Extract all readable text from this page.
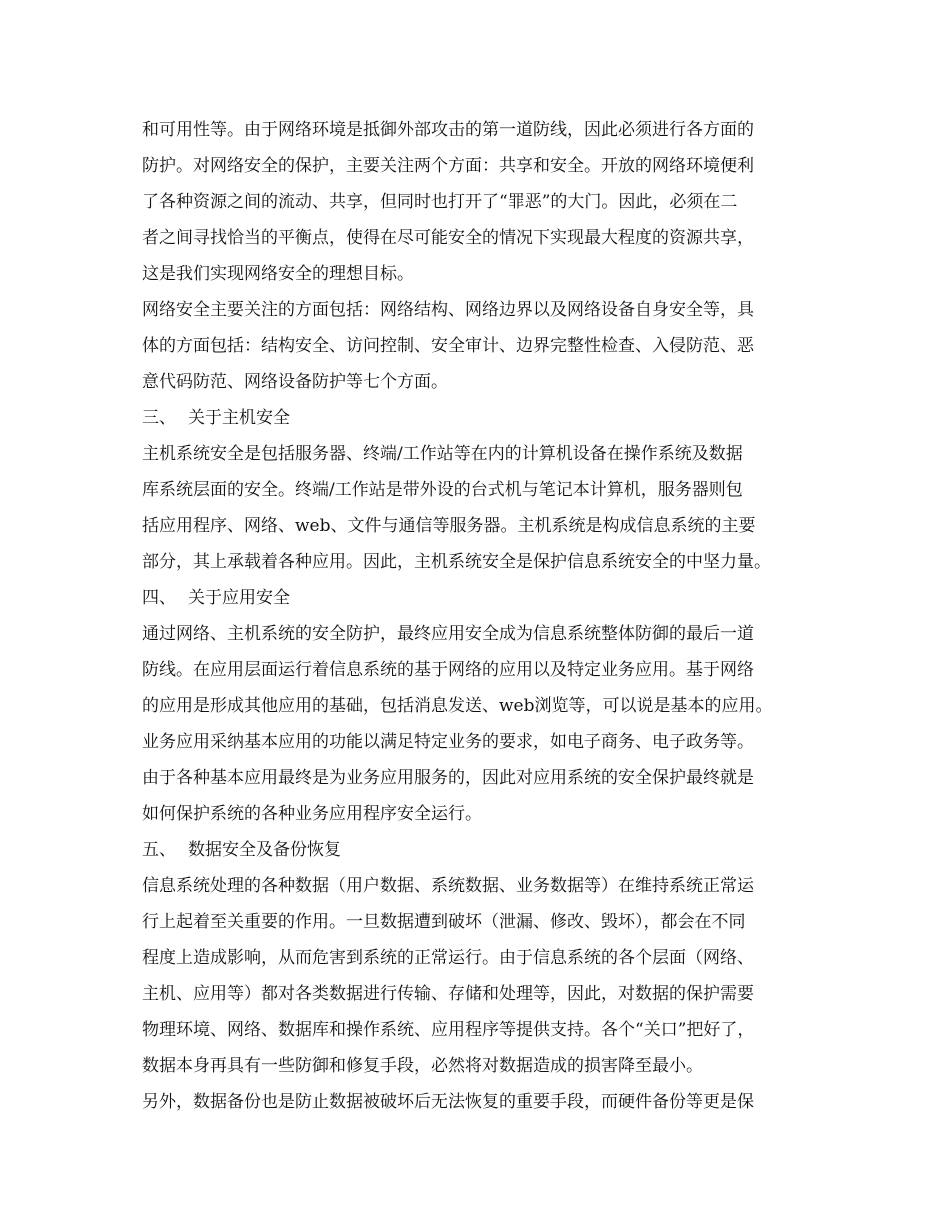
和可用性等。由于网络环境是抵御外部攻击的第一道防线，因此必须进行各方面的
防护。对网络安全的保护，主要关注两个方面：共享和安全。开放的网络环境便利
了各种资源之间的流动、共享，但同时也打开了“罪恶”的大门。因此，必须在二
者之间寻找恰当的平衡点，使得在尽可能安全的情况下实现最大程度的资源共享，
这是我们实现网络安全的理想目标。
网络安全主要关注的方面包括：网络结构、网络边界以及网络设备自身安全等，具
体的方面包括：结构安全、访问控制、安全审计、边界完整性检查、入侵防范、恶
意代码防范、网络设备防护等七个方面。
三、 关于主机安全
主机系统安全是包括服务器、终端/工作站等在内的计算机设备在操作系统及数据
库系统层面的安全。终端/工作站是带外设的台式机与笔记本计算机，服务器则包
括应用程序、网络、web、文件与通信等服务器。主机系统是构成信息系统的主要
部分，其上承载着各种应用。因此，主机系统安全是保护信息系统安全的中坚力量。
四、 关于应用安全
通过网络、主机系统的安全防护，最终应用安全成为信息系统整体防御的最后一道
防线。在应用层面运行着信息系统的基于网络的应用以及特定业务应用。基于网络
的应用是形成其他应用的基础，包括消息发送、web浏览等，可以说是基本的应用。
业务应用采纳基本应用的功能以满足特定业务的要求，如电子商务、电子政务等。
由于各种基本应用最终是为业务应用服务的，因此对应用系统的安全保护最终就是
如何保护系统的各种业务应用程序安全运行。
五、 数据安全及备份恢复
信息系统处理的各种数据（用户数据、系统数据、业务数据等）在维持系统正常运
行上起着至关重要的作用。一旦数据遭到破坏（泄漏、修改、毁坏），都会在不同
程度上造成影响，从而危害到系统的正常运行。由于信息系统的各个层面（网络、
主机、应用等）都对各类数据进行传输、存储和处理等，因此，对数据的保护需要
物理环境、网络、数据库和操作系统、应用程序等提供支持。各个“关口”把好了，
数据本身再具有一些防御和修复手段，必然将对数据造成的损害降至最小。
另外，数据备份也是防止数据被破坏后无法恢复的重要手段，而硬件备份等更是保
